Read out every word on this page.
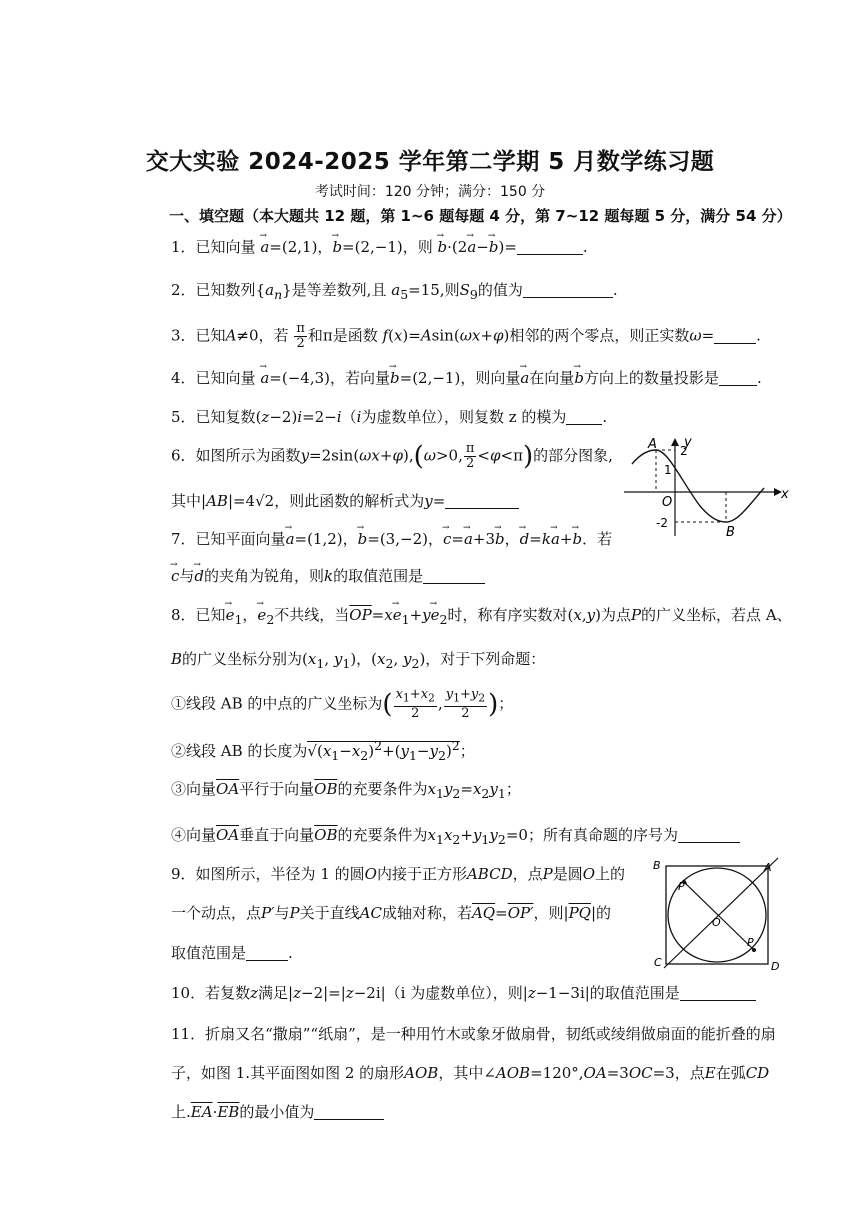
交大实验 2024-2025 学年第二学期 5 月数学练习题
考试时间：120 分钟；满分：150 分
一、填空题（本大题共 12 题，第 1~6 题每题 4 分，第 7~12 题每题 5 分，满分 54 分）
1．已知向量 → a=(2,1)，→ b=(2,−1)，则 → b·(2→ a−→ b)=	.
2．已知数列$\{a_n\}$是等差数列,且 $a_5=15$,则$S_9$的值为	.
3．已知A≠0，若 $\frac{\pi}{2}$ 和π是函数 f(x)=Asin(ωx+φ)相邻的两个零点，则正实数ω=	.
4．已知向量 → a=(−4,3)，若向量→ b=(2,−1)，则向量→ a在向量→ b方向上的数量投影是	.
5．已知复数(z−2)i=2−i（i为虚数单位），则复数 z 的模为 .
6．如图所示为函数y=2sin(ωx+φ),(ω>0, $\frac{\pi}{2} <\varphi<\pi$)的部分图象,
其中|AB|=4√2，则此函数的解析式为y=
y
x
O
A
B
2
1
-2
7．已知平面向量→ a=(1,2)，→ b=(3,−2)，→ c=→ a+3→ b，→ d=k→ a+→ b．若
→ c与→ d的夹角为锐角，则k的取值范围是
8．已知→ $e_1$，→ $e_2$不共线，当$\overline{OP}=x\to e_1+y\to e_2$时，称有序实数对(x,y)为点P的广义坐标，若点 A、
B的广义坐标分别为($x_1$, $y_1$)，($x_2$, $y_2$)，对于下列命题：
①线段 AB 的中点的广义坐标为( $\frac{x_1+x_2}{2}$ , $\frac{y_1+y_2}{2}$ )；
②线段 AB 的长度为$√(x_1-x_2)^2+(y_1-y_2)^2$；
③向量$\overline{OA}$平行于向量$\overline{OB}$的充要条件为$x_1y_2=x_2y_1$；
④向量$\overline{OA}$垂直于向量$\overline{OB}$的充要条件为$x_1x_2+y_1y_2=0$；所有真命题的序号为
9．如图所示，半径为 1 的圆O内接于正方形ABCD，点P是圆O上的
一个动点，点P′与P关于直线AC成轴对称，若$\overline{AQ}=OP'$，则$|\overline{PQ}|$的
取值范围是	.
B	A
C	D
O
P
P'
10．若复数z满足|z−2|=|z−2i|（i 为虚数单位），则|z−1−3i|的取值范围是
11．折扇又名“撒扇”“纸扇”，是一种用竹木或象牙做扇骨，韧纸或绫绢做扇面的能折叠的扇
子，如图 1.其平面图如图 2 的扇形AOB，其中∠AOB=120°,OA=3OC=3，点E在弧CD
上$.\overline{EA}\cdot\overline{EB}$的最小值为
